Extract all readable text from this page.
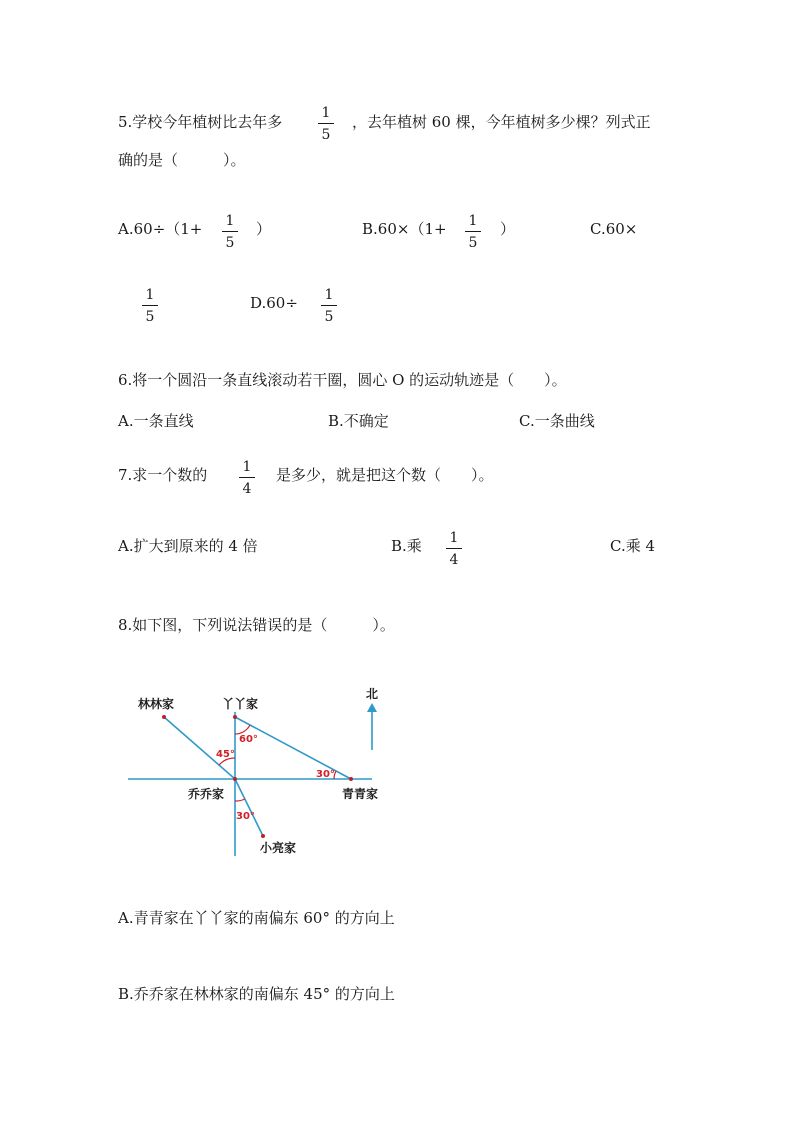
5.学校今年植树比去年多	1
5
，去年植树 60 棵，今年植树多少棵？列式正
确的是（　　　）。
A.60÷（1+ 1
5
）	B.60×（1+ 1
5
）	C.60×
1
5
D.60÷ 1
5
6.将一个圆沿一条直线滚动若干圈，圆心 O 的运动轨迹是（　　）。
A.一条直线	B.不确定	C.一条曲线
7.求一个数的	1
4
是多少，就是把这个数（　　）。
A.扩大到原来的 4 倍	B.乘 1
4
C.乘 4
8.如下图，下列说法错误的是（　　　）。
林林家	丫丫家
北
乔乔家	青青家
小亮家
45°
60°
30°
30°
A.青青家在丫丫家的南偏东 60° 的方向上
B.乔乔家在林林家的南偏东 45° 的方向上
